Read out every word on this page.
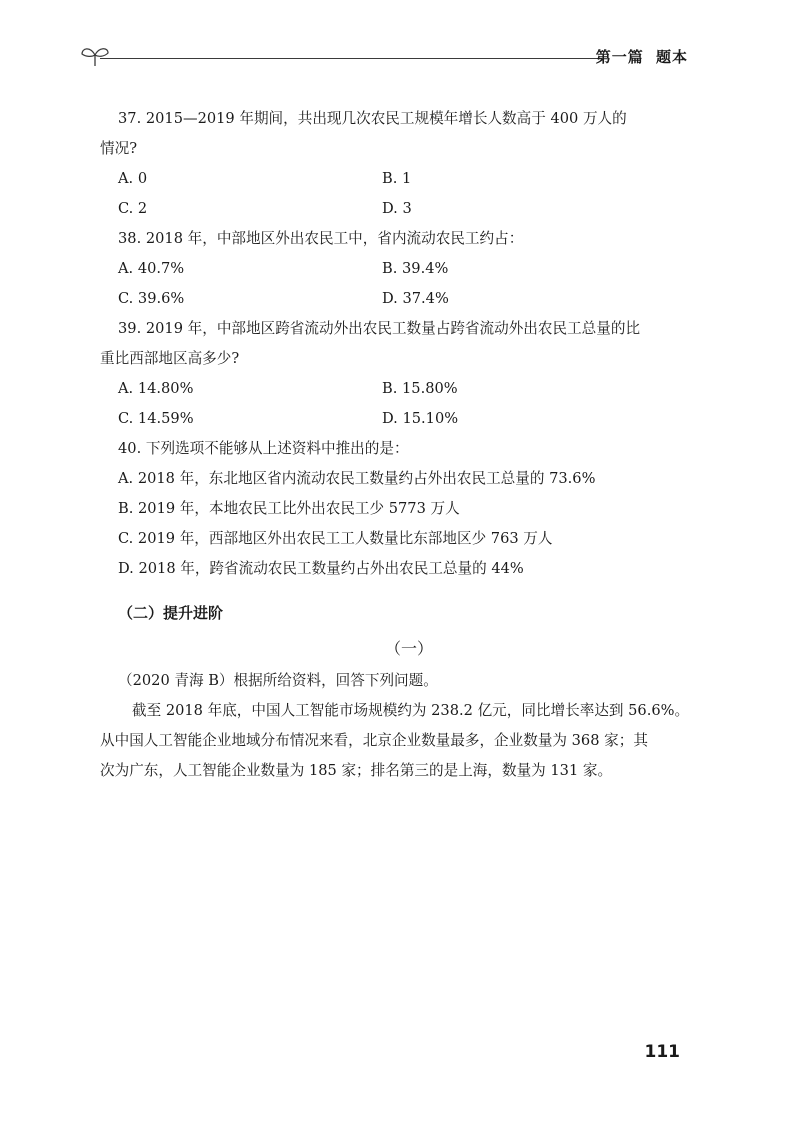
第一篇 题本
37. 2015—2019 年期间，共出现几次农民工规模年增长人数高于 400 万人的
情况?
A. 0	B. 1
C. 2	D. 3
38. 2018 年，中部地区外出农民工中，省内流动农民工约占：
A. 40.7%	B. 39.4%
C. 39.6%	D. 37.4%
39. 2019 年，中部地区跨省流动外出农民工数量占跨省流动外出农民工总量的比
重比西部地区高多少?
A. 14.80%	B. 15.80%
C. 14.59%	D. 15.10%
40. 下列选项不能够从上述资料中推出的是：
A. 2018 年，东北地区省内流动农民工数量约占外出农民工总量的 73.6%
B. 2019 年，本地农民工比外出农民工少 5773 万人
C. 2019 年，西部地区外出农民工工人数量比东部地区少 763 万人
D. 2018 年，跨省流动农民工数量约占外出农民工总量的 44%
（二）提升进阶
（一）
（2020 青海 B）根据所给资料，回答下列问题。
截至 2018 年底，中国人工智能市场规模约为 238.2 亿元，同比增长率达到 56.6%。
从中国人工智能企业地域分布情况来看，北京企业数量最多，企业数量为 368 家；其
次为广东，人工智能企业数量为 185 家；排名第三的是上海，数量为 131 家。
111
